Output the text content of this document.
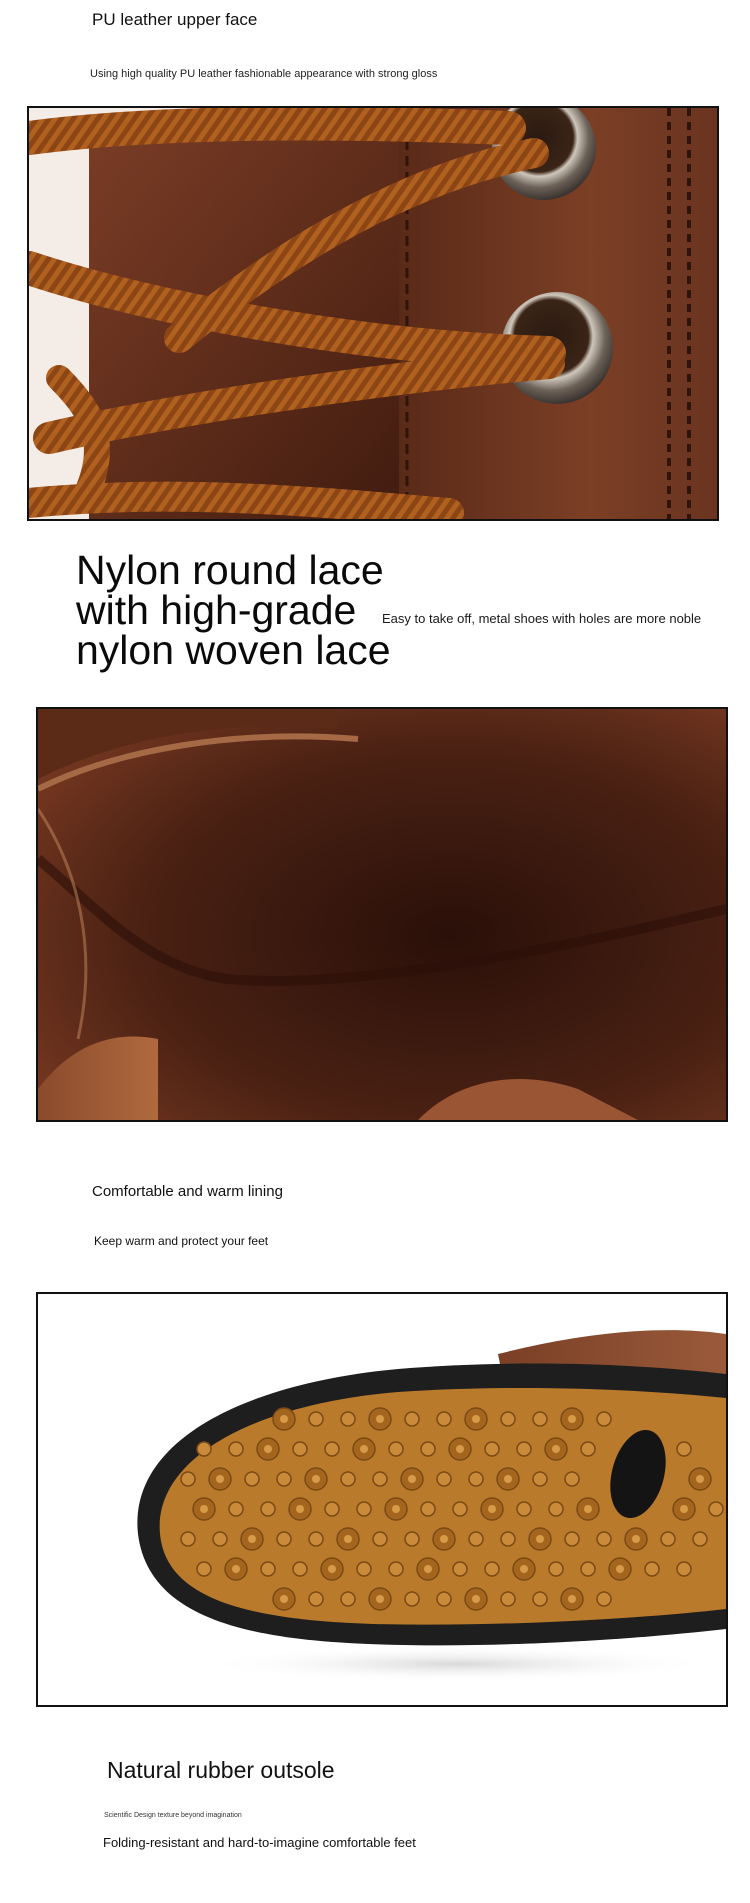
PU leather upper face
Using high quality PU leather fashionable appearance with strong gloss
Nylon round lace
with high-grade
nylon woven lace
Easy to take off, metal shoes with holes are more noble
Comfortable and warm lining
Keep warm and protect your feet
Natural rubber outsole
Scientific Design texture beyond imagination
Folding-resistant and hard-to-imagine comfortable feet
